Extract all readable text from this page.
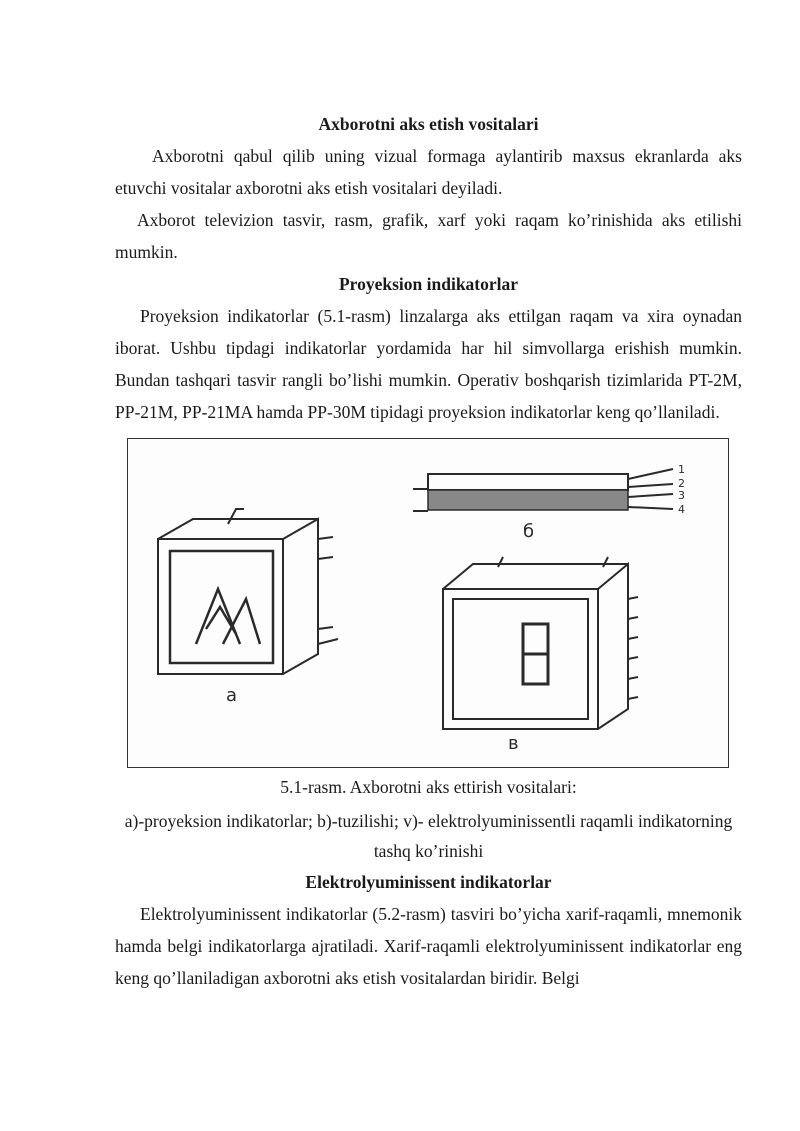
Axborotni aks etish vositalari

Axborotni qabul qilib uning vizual formaga aylantirib maxsus ekranlarda aks etuvchi vositalar axborotni aks etish vositalari deyiladi.

Axborot televizion tasvir, rasm, grafik, xarf yoki raqam ko’rinishida aks etilishi mumkin.

Proyeksion indikatorlar

Proyeksion indikatorlar (5.1-rasm) linzalarga aks ettilgan raqam va xira oynadan iborat. Ushbu tipdagi indikatorlar yordamida har hil simvollarga erishish mumkin. Bundan tashqari tasvir rangli bo’lishi mumkin. Operativ boshqarish tizimlarida PT-2M, PP-21M, PP-21MA hamda PP-30M tipidagi proyeksion indikatorlar keng qo’llaniladi.

a
б
в
1
2
3
4

5.1-rasm. Axborotni aks ettirish vositalari:

a)-proyeksion indikatorlar; b)-tuzilishi; v)- elektrolyuminissentli raqamli indikatorning tashq ko’rinishi

Elektrolyuminissent indikatorlar

Elektrolyuminissent indikatorlar (5.2-rasm) tasviri bo’yicha xarif-raqamli, mnemonik hamda belgi indikatorlarga ajratiladi. Xarif-raqamli elektrolyuminissent indikatorlar eng keng qo’llaniladigan axborotni aks etish vositalardan biridir. Belgi
